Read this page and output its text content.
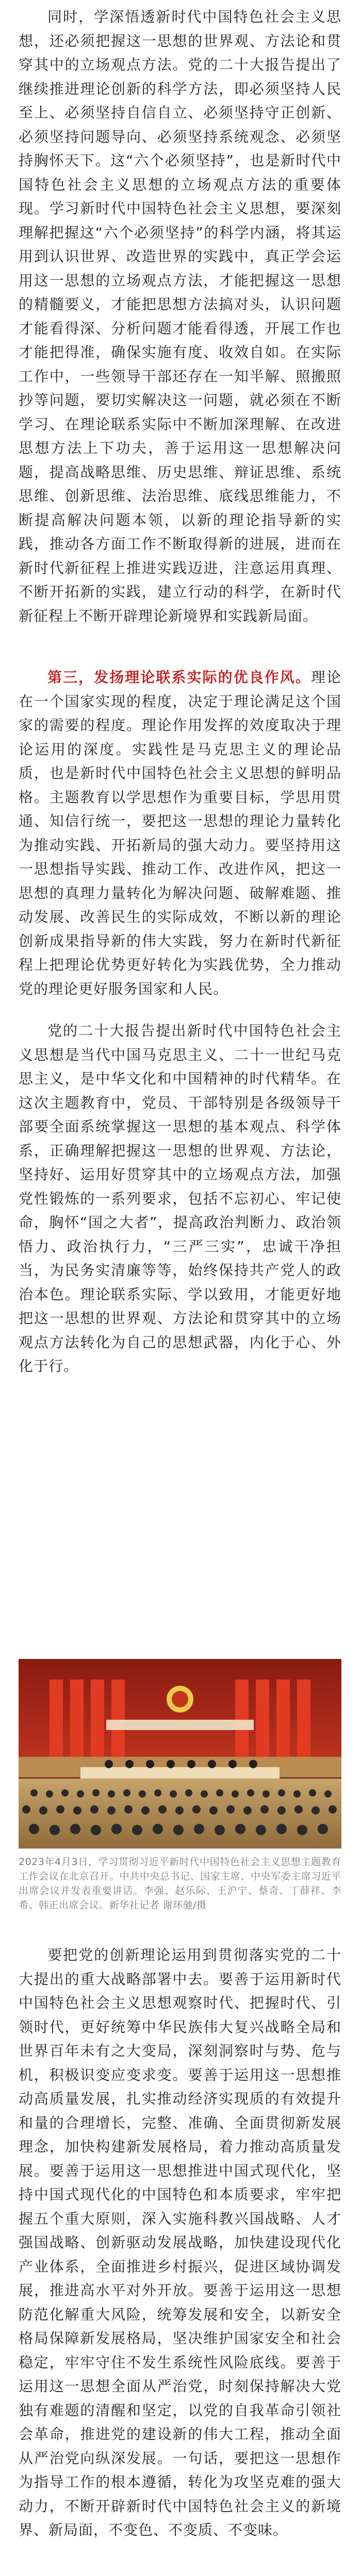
同时，学深悟透新时代中国特色社会主义思想，还必须把握这一思想的世界观、方法论和贯穿其中的立场观点方法。党的二十大报告提出了继续推进理论创新的科学方法，即必须坚持人民至上、必须坚持自信自立、必须坚持守正创新、必须坚持问题导向、必须坚持系统观念、必须坚持胸怀天下。这“六个必须坚持”，也是新时代中国特色社会主义思想的立场观点方法的重要体现。学习新时代中国特色社会主义思想，要深刻理解把握这“六个必须坚持”的科学内涵，将其运用到认识世界、改造世界的实践中，真正学会运用这一思想的立场观点方法，才能把握这一思想的精髓要义，才能把思想方法搞对头，认识问题才能看得深、分析问题才能看得透，开展工作也才能把得准，确保实施有度、收效自如。在实际工作中，一些领导干部还存在一知半解、照搬照抄等问题，要切实解决这一问题，就必须在不断学习、在理论联系实际中不断加深理解、在改进思想方法上下功夫，善于运用这一思想解决问题，提高战略思维、历史思维、辩证思维、系统思维、创新思维、法治思维、底线思维能力，不断提高解决问题本领，以新的理论指导新的实践，推动各方面工作不断取得新的进展，进而在新时代新征程上推进实践迈进，注意运用真理、不断开拓新的实践，建立行动的科学，在新时代新征程上不断开辟理论新境界和实践新局面。

第三，发扬理论联系实际的优良作风。理论在一个国家实现的程度，决定于理论满足这个国家的需要的程度。理论作用发挥的效度取决于理论运用的深度。实践性是马克思主义的理论品质，也是新时代中国特色社会主义思想的鲜明品格。主题教育以学思想作为重要目标，学思用贯通、知信行统一，要把这一思想的理论力量转化为推动实践、开拓新局的强大动力。要坚持用这一思想指导实践、推动工作、改进作风，把这一思想的真理力量转化为解决问题、破解难题、推动发展、改善民生的实际成效，不断以新的理论创新成果指导新的伟大实践，努力在新时代新征程上把理论优势更好转化为实践优势，全力推动党的理论更好服务国家和人民。

党的二十大报告提出新时代中国特色社会主义思想是当代中国马克思主义、二十一世纪马克思主义，是中华文化和中国精神的时代精华。在这次主题教育中，党员、干部特别是各级领导干部要全面系统掌握这一思想的基本观点、科学体系，正确理解把握这一思想的世界观、方法论，坚持好、运用好贯穿其中的立场观点方法，加强党性锻炼的一系列要求，包括不忘初心、牢记使命，胸怀“国之大者”，提高政治判断力、政治领悟力、政治执行力，“三严三实”，忠诚干净担当，为民务实清廉等等，始终保持共产党人的政治本色。理论联系实际、学以致用，才能更好地把这一思想的世界观、方法论和贯穿其中的立场观点方法转化为自己的思想武器，内化于心、外化于行。

2023年4月3日，学习贯彻习近平新时代中国特色社会主义思想主题教育工作会议在北京召开。中共中央总书记、国家主席、中央军委主席习近平出席会议并发表重要讲话。李强、赵乐际、王沪宁、蔡奇、丁薛祥、李希、韩正出席会议。新华社记者 谢环驰/摄

要把党的创新理论运用到贯彻落实党的二十大提出的重大战略部署中去。要善于运用新时代中国特色社会主义思想观察时代、把握时代、引领时代，更好统筹中华民族伟大复兴战略全局和世界百年未有之大变局，深刻洞察时与势、危与机，积极识变应变求变。要善于运用这一思想推动高质量发展，扎实推动经济实现质的有效提升和量的合理增长，完整、准确、全面贯彻新发展理念，加快构建新发展格局，着力推动高质量发展。要善于运用这一思想推进中国式现代化，坚持中国式现代化的中国特色和本质要求，牢牢把握五个重大原则，深入实施科教兴国战略、人才强国战略、创新驱动发展战略，加快建设现代化产业体系，全面推进乡村振兴，促进区域协调发展，推进高水平对外开放。要善于运用这一思想防范化解重大风险，统筹发展和安全，以新安全格局保障新发展格局，坚决维护国家安全和社会稳定，牢牢守住不发生系统性风险底线。要善于运用这一思想全面从严治党，时刻保持解决大党独有难题的清醒和坚定，以党的自我革命引领社会革命，推进党的建设新的伟大工程，推动全面从严治党向纵深发展。一句话，要把这一思想作为指导工作的根本遵循，转化为攻坚克难的强大动力，不断开辟新时代中国特色社会主义的新境界、新局面，不变色、不变质、不变味。
